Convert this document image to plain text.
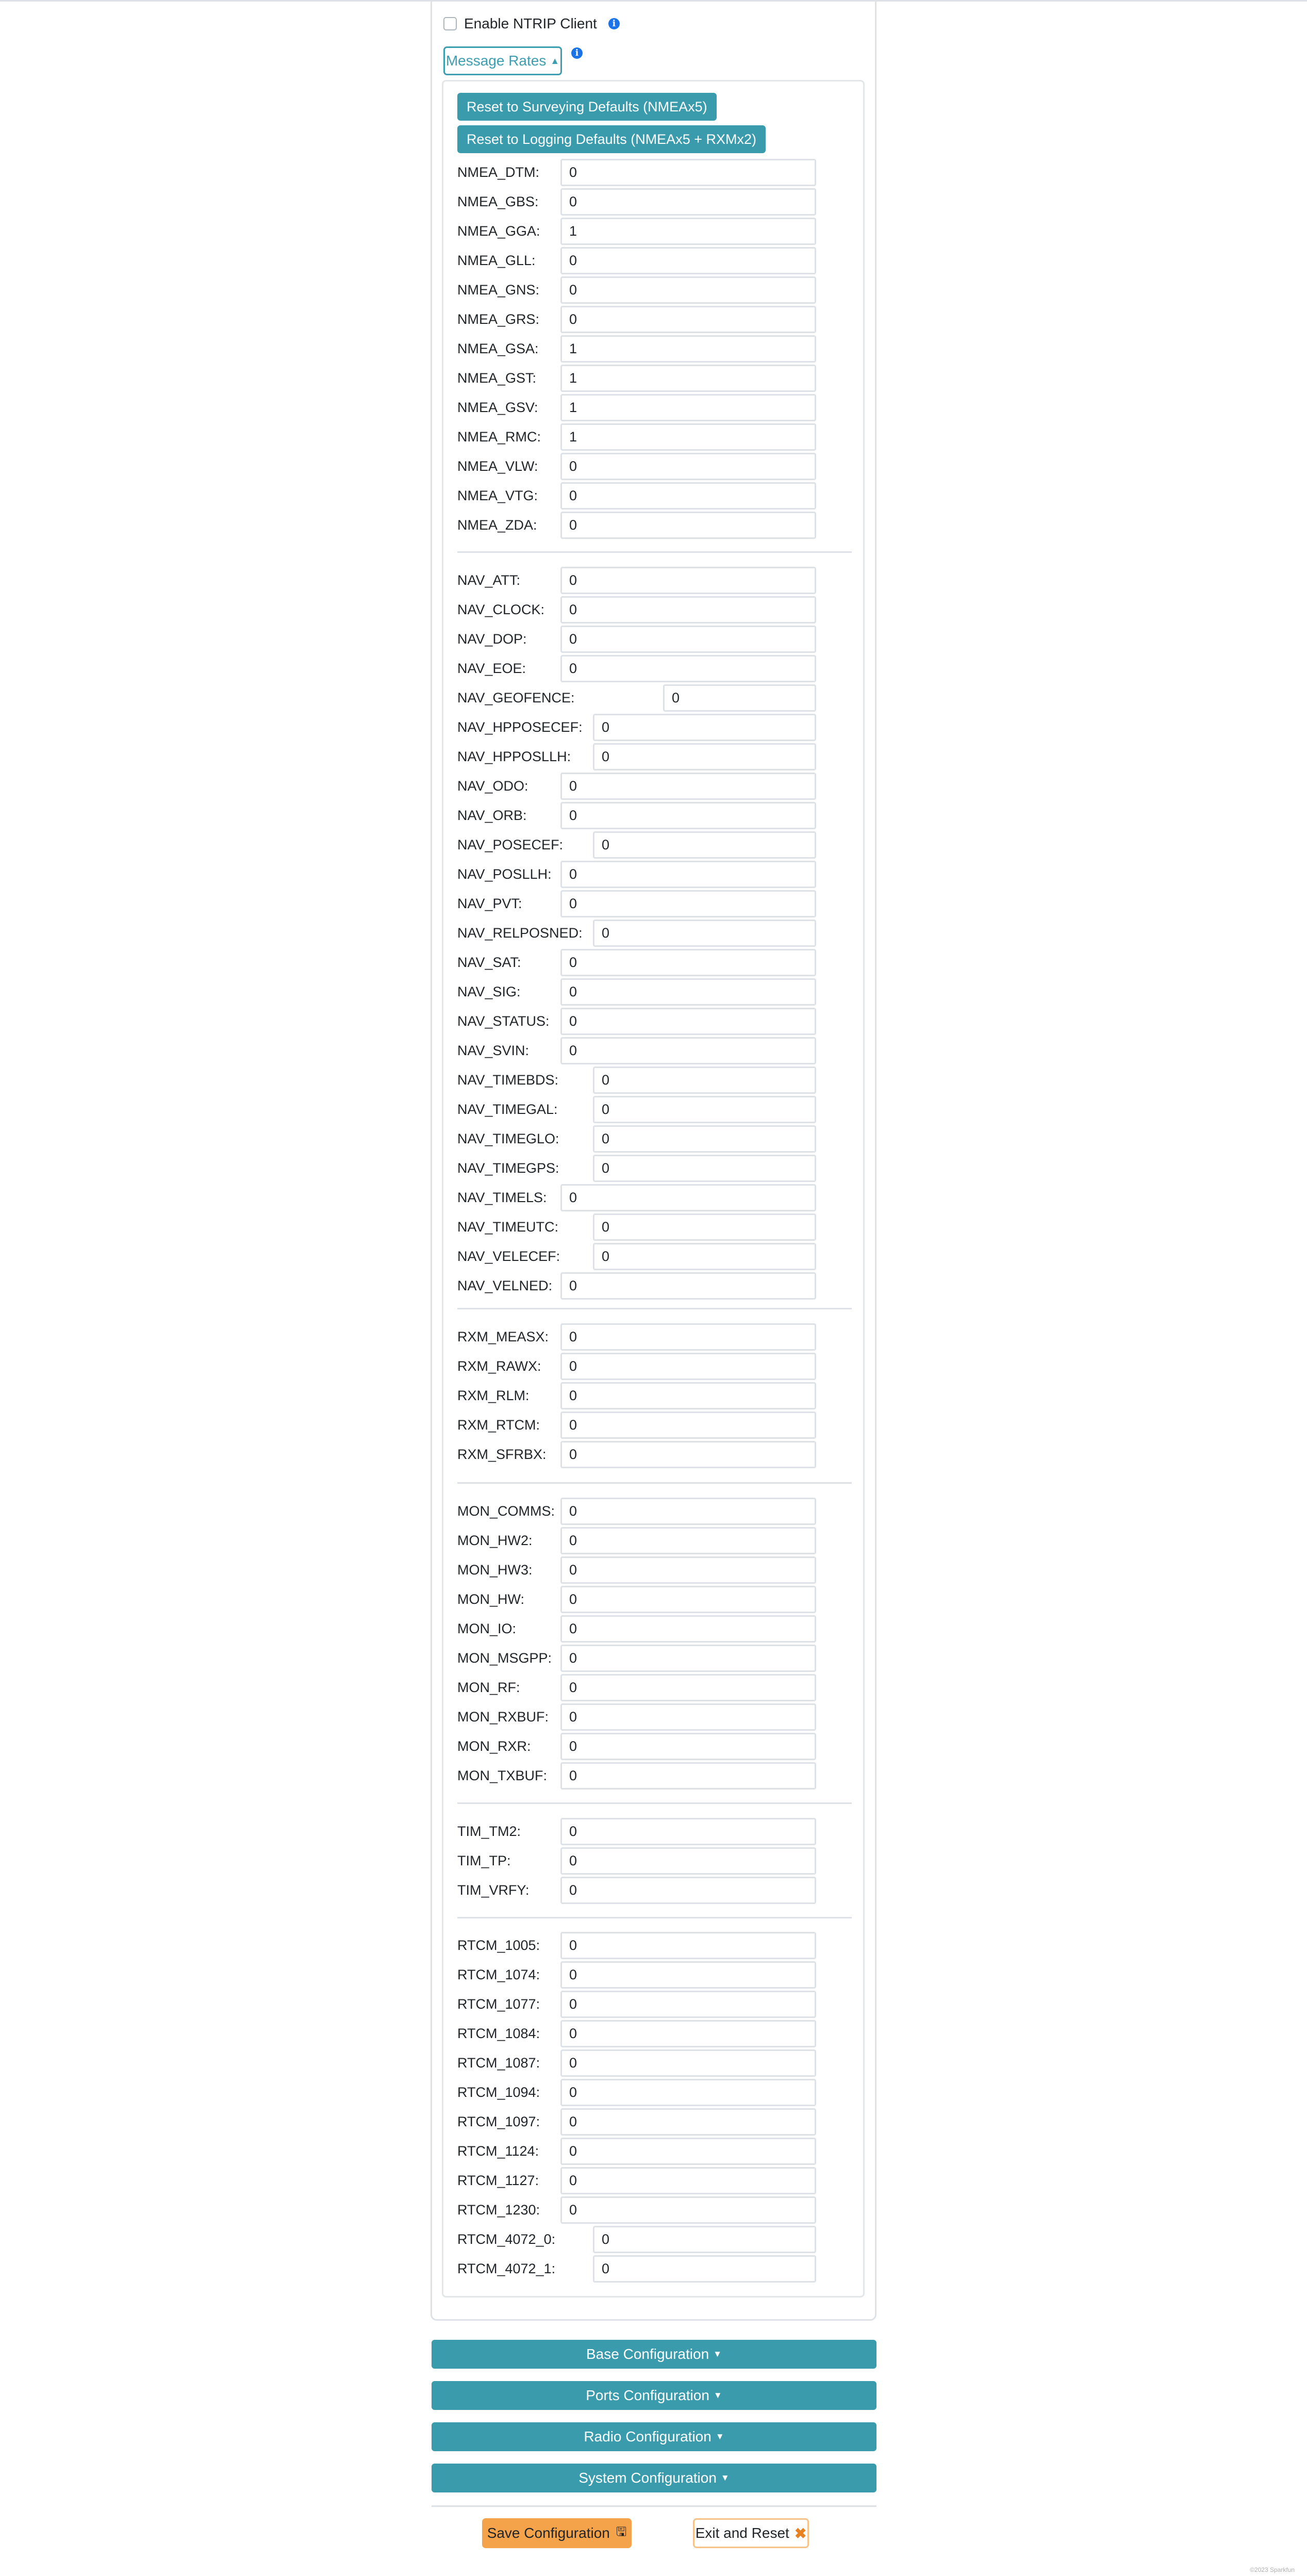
Enable NTRIP Client	i
Message Rates ▲
i
Reset to Surveying Defaults (NMEAx5)
Reset to Logging Defaults (NMEAx5 + RXMx2)
NMEA_DTM:	0
NMEA_GBS:	0
NMEA_GGA:	1
NMEA_GLL:	0
NMEA_GNS:	0
NMEA_GRS:	0
NMEA_GSA:	1
NMEA_GST:	1
NMEA_GSV:	1
NMEA_RMC:	1
NMEA_VLW:	0
NMEA_VTG:	0
NMEA_ZDA:	0
NAV_ATT:	0
NAV_CLOCK:	0
NAV_DOP:	0
NAV_EOE:	0
NAV_GEOFENCE:	0
NAV_HPPOSECEF:	0
NAV_HPPOSLLH:	0
NAV_ODO:	0
NAV_ORB:	0
NAV_POSECEF:	0
NAV_POSLLH:	0
NAV_PVT:	0
NAV_RELPOSNED:	0
NAV_SAT:	0
NAV_SIG:	0
NAV_STATUS:	0
NAV_SVIN:	0
NAV_TIMEBDS:	0
NAV_TIMEGAL:	0
NAV_TIMEGLO:	0
NAV_TIMEGPS:	0
NAV_TIMELS:	0
NAV_TIMEUTC:	0
NAV_VELECEF:	0
NAV_VELNED:	0
RXM_MEASX:	0
RXM_RAWX:	0
RXM_RLM:	0
RXM_RTCM:	0
RXM_SFRBX:	0
MON_COMMS:	0
MON_HW2:	0
MON_HW3:	0
MON_HW:	0
MON_IO:	0
MON_MSGPP:	0
MON_RF:	0
MON_RXBUF:	0
MON_RXR:	0
MON_TXBUF:	0
TIM_TM2:	0
TIM_TP:	0
TIM_VRFY:	0
RTCM_1005:	0
RTCM_1074:	0
RTCM_1077:	0
RTCM_1084:	0
RTCM_1087:	0
RTCM_1094:	0
RTCM_1097:	0
RTCM_1124:	0
RTCM_1127:	0
RTCM_1230:	0
RTCM_4072_0:	0
RTCM_4072_1:	0
Base Configuration ▼
Ports Configuration ▼
Radio Configuration ▼
System Configuration ▼
Save Configuration 🖫	Exit and Reset ✖
©2023 Sparkfun
